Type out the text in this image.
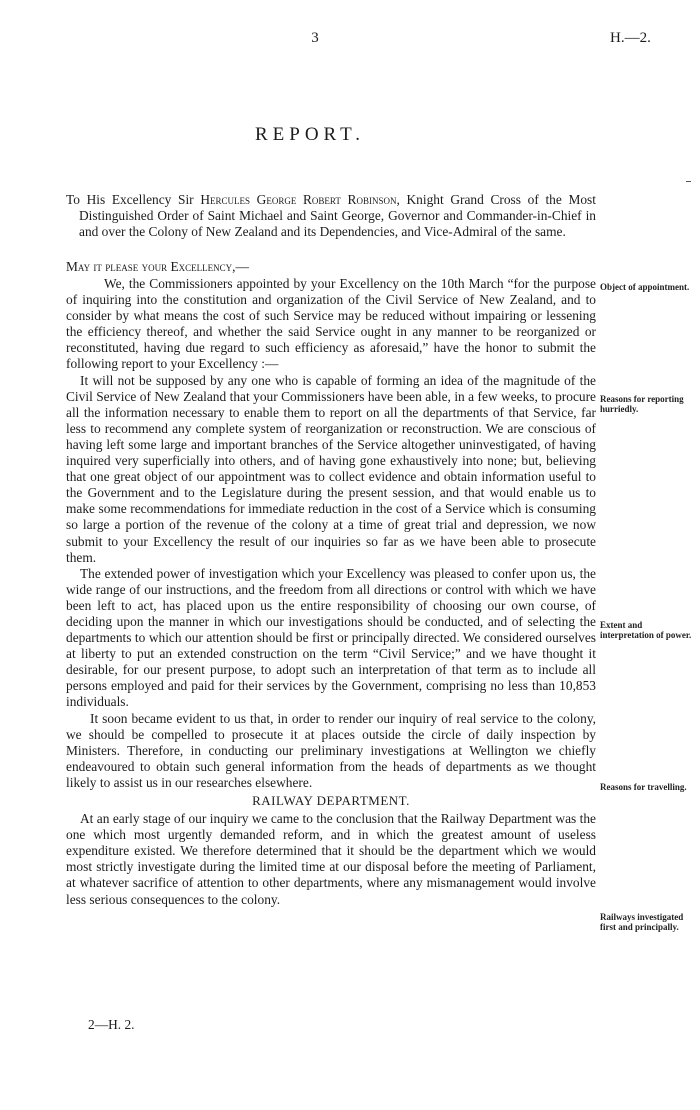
3	H.—2.
REPORT.

To His Excellency Sir Hercules George Robert Robinson, Knight Grand Cross of the Most Distinguished Order of Saint Michael and Saint George, Governor and Commander-in-Chief in and over the Colony of New Zealand and its Dependencies, and Vice-Admiral of the same.

May it please your Excellency,—

We, the Commissioners appointed by your Excellency on the 10th March “for the purpose of inquiring into the constitution and organization of the Civil Service of New Zealand, and to consider by what means the cost of such Service may be reduced without impairing or lessening the efficiency thereof, and whether the said Service ought in any manner to be reorganized or reconstituted, having due regard to such efficiency as aforesaid,” have the honor to submit the following report to your Excellency :—

It will not be supposed by any one who is capable of forming an idea of the magnitude of the Civil Service of New Zealand that your Commissioners have been able, in a few weeks, to procure all the information necessary to enable them to report on all the departments of that Service, far less to recommend any complete system of reorganization or reconstruction. We are conscious of having left some large and important branches of the Service altogether uninvestigated, of having inquired very superficially into others, and of having gone exhaustively into none; but, believing that one great object of our appointment was to collect evidence and obtain information useful to the Government and to the Legislature during the present session, and that would enable us to make some recommendations for immediate reduction in the cost of a Service which is consuming so large a portion of the revenue of the colony at a time of great trial and depression, we now submit to your Excellency the result of our inquiries so far as we have been able to prosecute them.

The extended power of investigation which your Excellency was pleased to confer upon us, the wide range of our instructions, and the freedom from all directions or control with which we have been left to act, has placed upon us the entire responsibility of choosing our own course, of deciding upon the manner in which our investigations should be conducted, and of selecting the departments to which our attention should be first or principally directed. We considered ourselves at liberty to put an extended construction on the term “Civil Service;” and we have thought it desirable, for our present purpose, to adopt such an interpretation of that term as to include all persons employed and paid for their services by the Government, comprising no less than 10,853 individuals.

It soon became evident to us that, in order to render our inquiry of real service to the colony, we should be compelled to prosecute it at places outside the circle of daily inspection by Ministers. Therefore, in conducting our preliminary investigations at Wellington we chiefly endeavoured to obtain such general information from the heads of departments as we thought likely to assist us in our researches elsewhere.

RAILWAY DEPARTMENT.

At an early stage of our inquiry we came to the conclusion that the Railway Department was the one which most urgently demanded reform, and in which the greatest amount of useless expenditure existed. We therefore determined that it should be the department which we would most strictly investigate during the limited time at our disposal before the meeting of Parliament, at whatever sacrifice of attention to other departments, where any mismanagement would involve less serious consequences to the colony.

2—H. 2.
Object of appointment.
Reasons for reporting hurriedly.
Extent and interpretation of power.
Reasons for travelling.
Railways investigated first and principally.
